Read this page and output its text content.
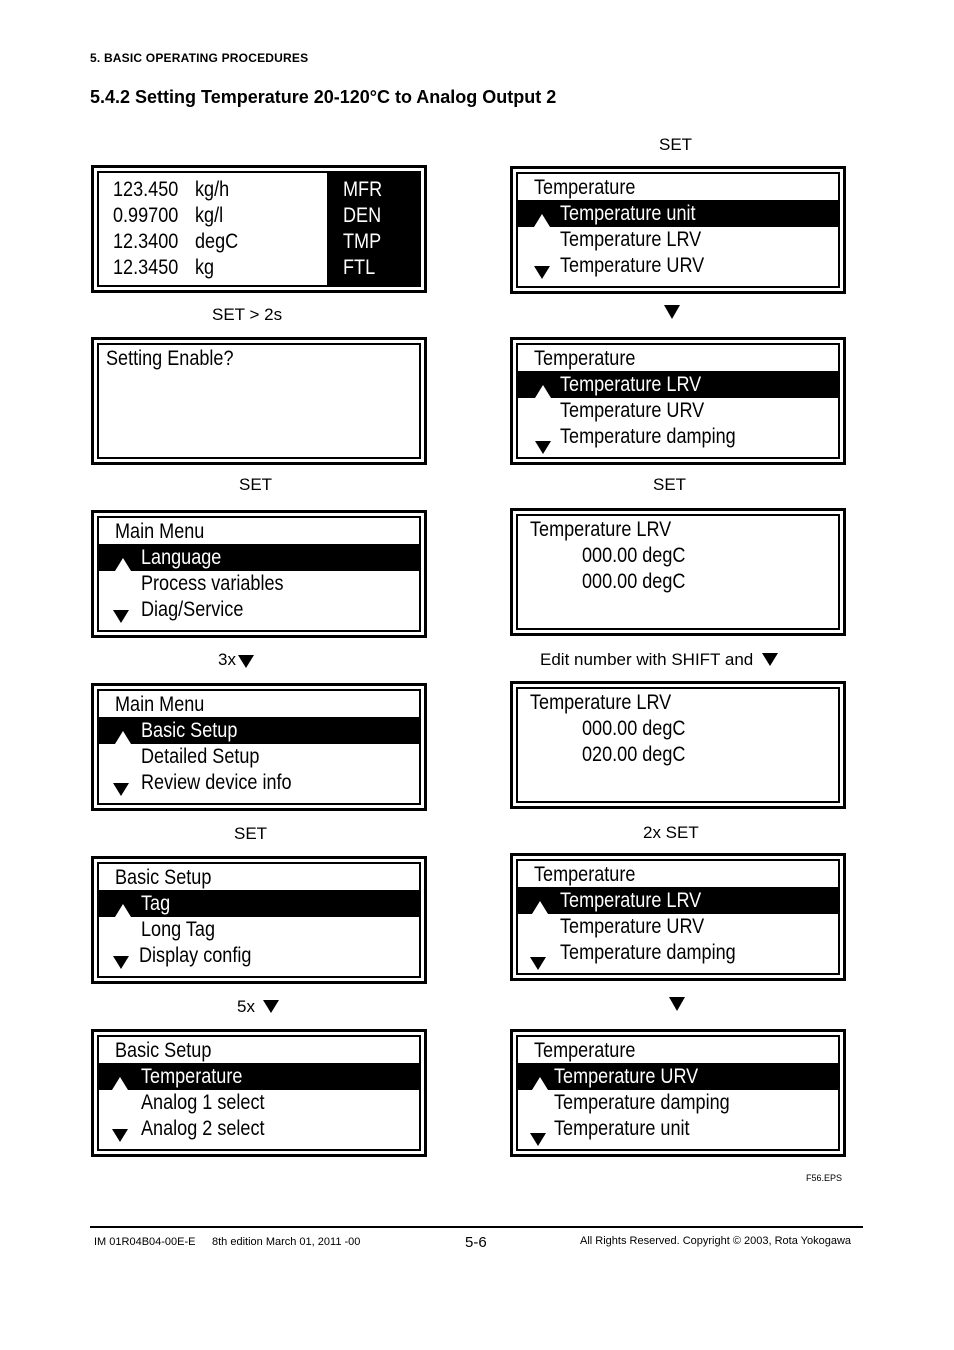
5. BASIC OPERATING PROCEDURES
5.4.2 Setting Temperature 20-120°C to Analog Output 2
123.450 kg/h	MFR
0.99700 kg/l	DEN
12.3400 degC	TMP
12.3450 kg	FTL
SET > 2s
Setting Enable?
SET
Main Menu
Language
Process variables
Diag/Service
3x
Main Menu
Basic Setup
Detailed Setup
Review device info
SET
Basic Setup
Tag
Long Tag
Display config
5x
Basic Setup
Temperature
Analog 1 select
Analog 2 select
SET
Temperature
Temperature unit
Temperature LRV
Temperature URV
Temperature
Temperature LRV
Temperature URV
Temperature damping
SET
Temperature LRV
000.00 degC
000.00 degC
Edit number with SHIFT and
Temperature LRV
000.00 degC
020.00 degC
2x SET
Temperature
Temperature LRV
Temperature URV
Temperature damping
Temperature
Temperature URV
Temperature damping
Temperature unit
F56.EPS
IM 01R04B04-00E-E 8th edition March 01, 2011 -00	5-6	All Rights Reserved. Copyright © 2003, Rota Yokogawa
